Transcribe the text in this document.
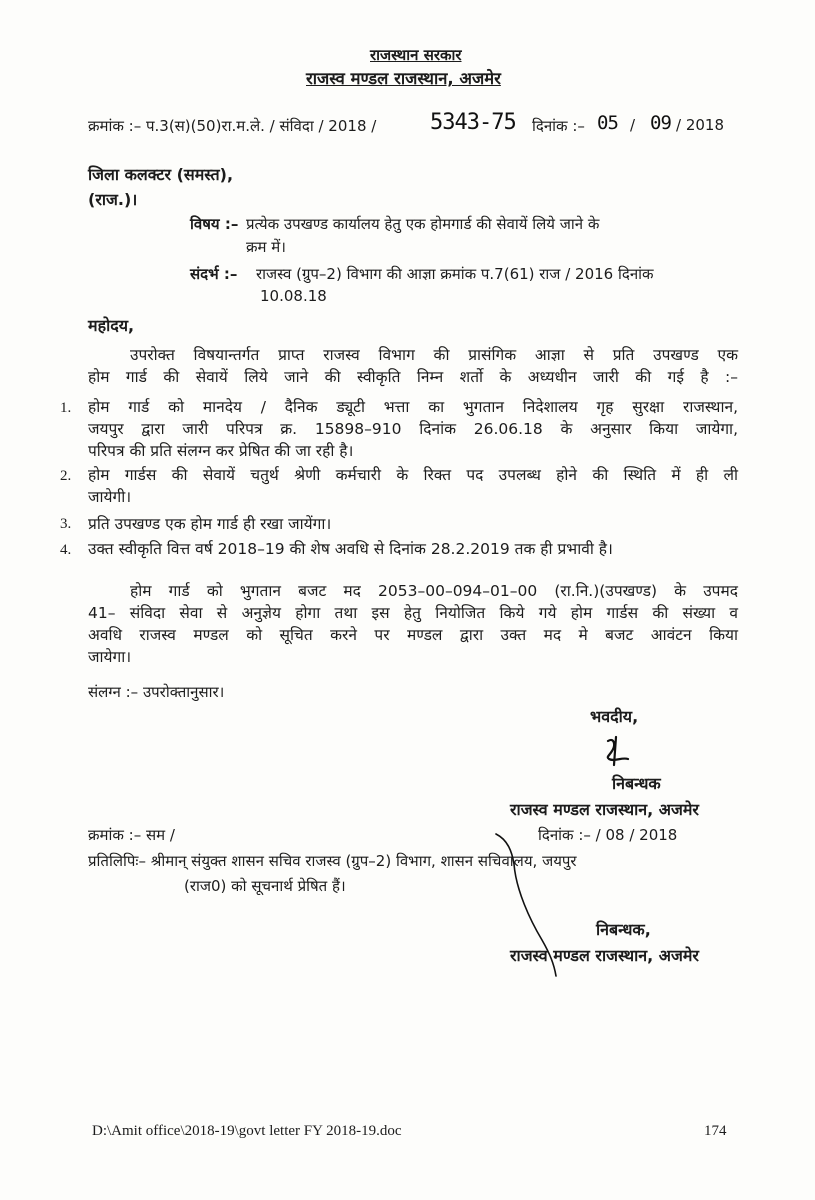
राजस्थान सरकार
राजस्व मण्डल राजस्थान, अजमेर
क्रमांक :– प.3(स)(50)रा.म.ले. / संविदा / 2018 / 5343-75 दिनांक :– 05 / 09 / 2018
जिला कलक्टर (समस्त),
(राज.)।
विषय :– प्रत्येक उपखण्ड कार्यालय हेतु एक होमगार्ड की सेवायें लिये जाने के
क्रम में।
संदर्भ :– राजस्व (ग्रुप–2) विभाग की आज्ञा क्रमांक प.7(61) राज / 2016 दिनांक
10.08.18
महोदय,
उपरोक्त विषयान्तर्गत प्राप्त राजस्व विभाग की प्रासंगिक आज्ञा से प्रति उपखण्ड एक
होम गार्ड की सेवायें लिये जाने की स्वीकृति निम्न शर्तो के अध्यधीन जारी की गई है :–
1. होम गार्ड को मानदेय / दैनिक ड्यूटी भत्ता का भुगतान निदेशालय गृह सुरक्षा राजस्थान,
जयपुर द्वारा जारी परिपत्र क्र. 15898–910 दिनांक 26.06.18 के अनुसार किया जायेगा,
परिपत्र की प्रति संलग्न कर प्रेषित की जा रही है।
2. होम गार्डस की सेवायें चतुर्थ श्रेणी कर्मचारी के रिक्त पद उपलब्ध होने की स्थिति में ही ली
जायेगी।
3. प्रति उपखण्ड एक होम गार्ड ही रखा जायेंगा।
4. उक्त स्वीकृति वित्त वर्ष 2018–19 की शेष अवधि से दिनांक 28.2.2019 तक ही प्रभावी है।
होम गार्ड को भुगतान बजट मद 2053–00–094–01–00 (रा.नि.)(उपखण्ड) के उपमद
41– संविदा सेवा से अनुज्ञेय होगा तथा इस हेतु नियोजित किये गये होम गार्डस की संख्या व
अवधि राजस्व मण्डल को सूचित करने पर मण्डल द्वारा उक्त मद मे बजट आवंटन किया
जायेगा।
संलग्न :– उपरोक्तानुसार।
भवदीय,
निबन्धक
राजस्व मण्डल राजस्थान, अजमेर
क्रमांक :– सम /	दिनांक :– / 08 / 2018
प्रतिलिपिः– श्रीमान् संयुक्त शासन सचिव राजस्व (ग्रुप–2) विभाग, शासन सचिवालय, जयपुर
(राज0) को सूचनार्थ प्रेषित हैं।
निबन्धक,
राजस्व मण्डल राजस्थान, अजमेर
D:\Amit office\2018-19\govt letter FY 2018-19.doc	174
